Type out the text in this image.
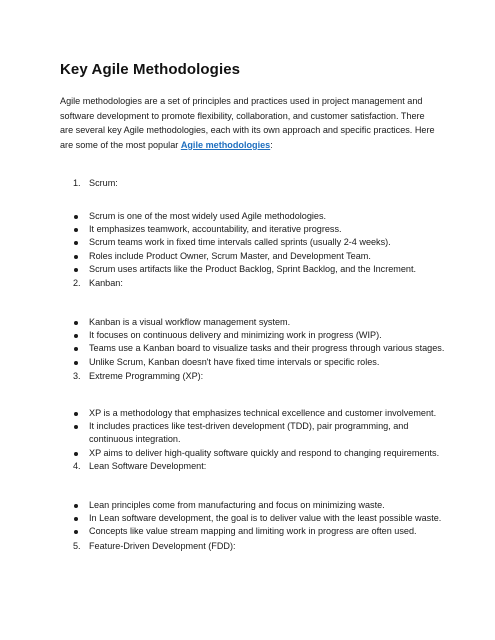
Key Agile Methodologies

Agile methodologies are a set of principles and practices used in project management and software development to promote flexibility, collaboration, and customer satisfaction. There are several key Agile methodologies, each with its own approach and specific practices. Here are some of the most popular Agile methodologies:

1. Scrum:
Scrum is one of the most widely used Agile methodologies.
It emphasizes teamwork, accountability, and iterative progress.
Scrum teams work in fixed time intervals called sprints (usually 2-4 weeks).
Roles include Product Owner, Scrum Master, and Development Team.
Scrum uses artifacts like the Product Backlog, Sprint Backlog, and the Increment.
2. Kanban:
Kanban is a visual workflow management system.
It focuses on continuous delivery and minimizing work in progress (WIP).
Teams use a Kanban board to visualize tasks and their progress through various stages.
Unlike Scrum, Kanban doesn't have fixed time intervals or specific roles.
3. Extreme Programming (XP):
XP is a methodology that emphasizes technical excellence and customer involvement.
It includes practices like test-driven development (TDD), pair programming, and continuous integration.
XP aims to deliver high-quality software quickly and respond to changing requirements.
4. Lean Software Development:
Lean principles come from manufacturing and focus on minimizing waste.
In Lean software development, the goal is to deliver value with the least possible waste.
Concepts like value stream mapping and limiting work in progress are often used.
5. Feature-Driven Development (FDD):
